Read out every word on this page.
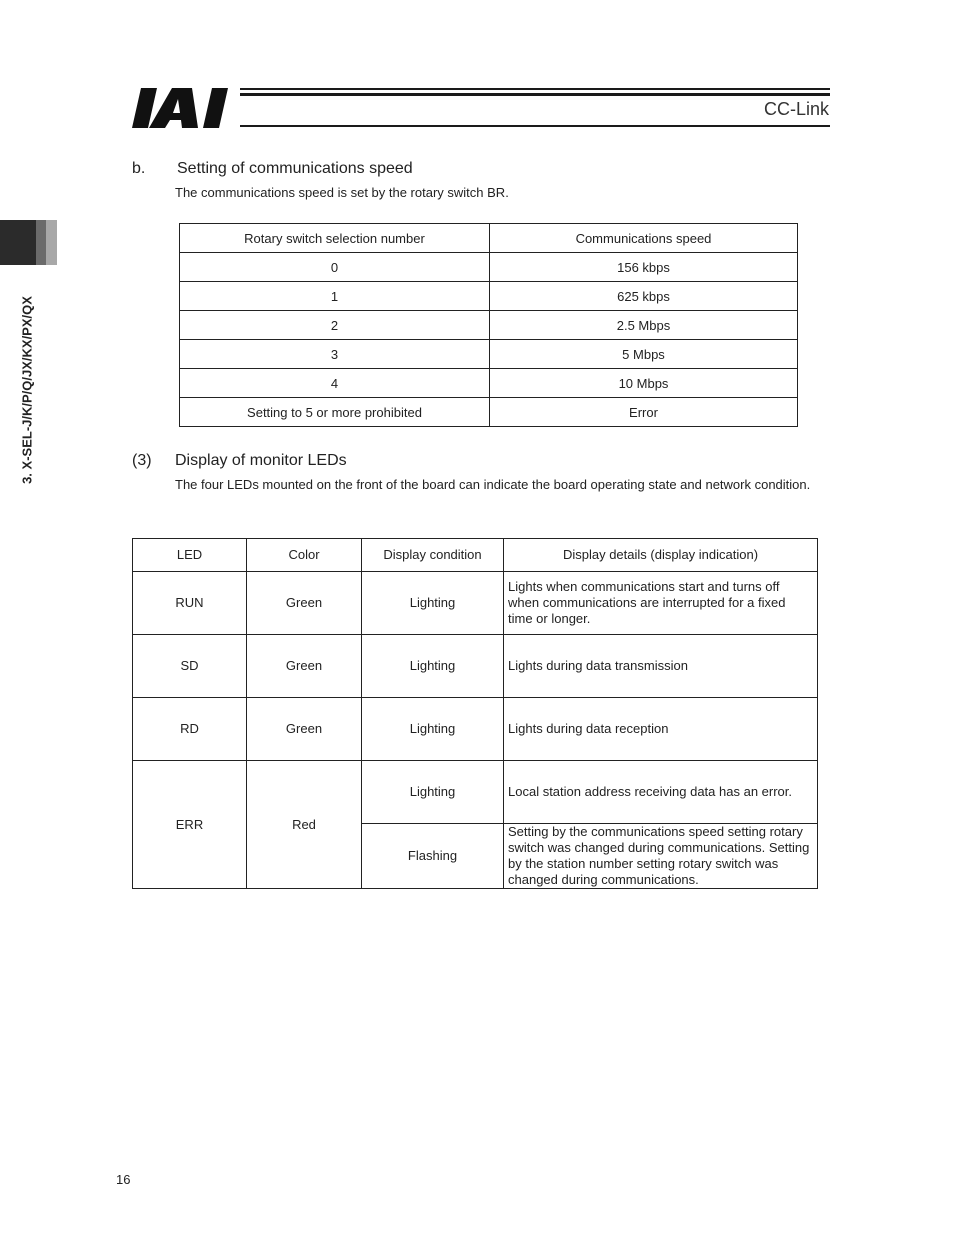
CC-Link
3. X-SEL-J/K/P/Q/JX/KX/PX/QX
b. Setting of communications speed
The communications speed is set by the rotary switch BR.
Rotary switch selection number	Communications speed
0	156 kbps
1	625 kbps
2	2.5 Mbps
3	5 Mbps
4	10 Mbps
Setting to 5 or more prohibited	Error
(3) Display of monitor LEDs
The four LEDs mounted on the front of the board can indicate the board operating state and network condition.
LED	Color	Display condition	Display details (display indication)
RUN	Green	Lighting	Lights when communications start and turns off when communications are interrupted for a fixed time or longer.
SD	Green	Lighting	Lights during data transmission
RD	Green	Lighting	Lights during data reception
ERR	Red	Lighting	Local station address receiving data has an error.
		Flashing	Setting by the communications speed setting rotary switch was changed during communications. Setting by the station number setting rotary switch was changed during communications.
16
